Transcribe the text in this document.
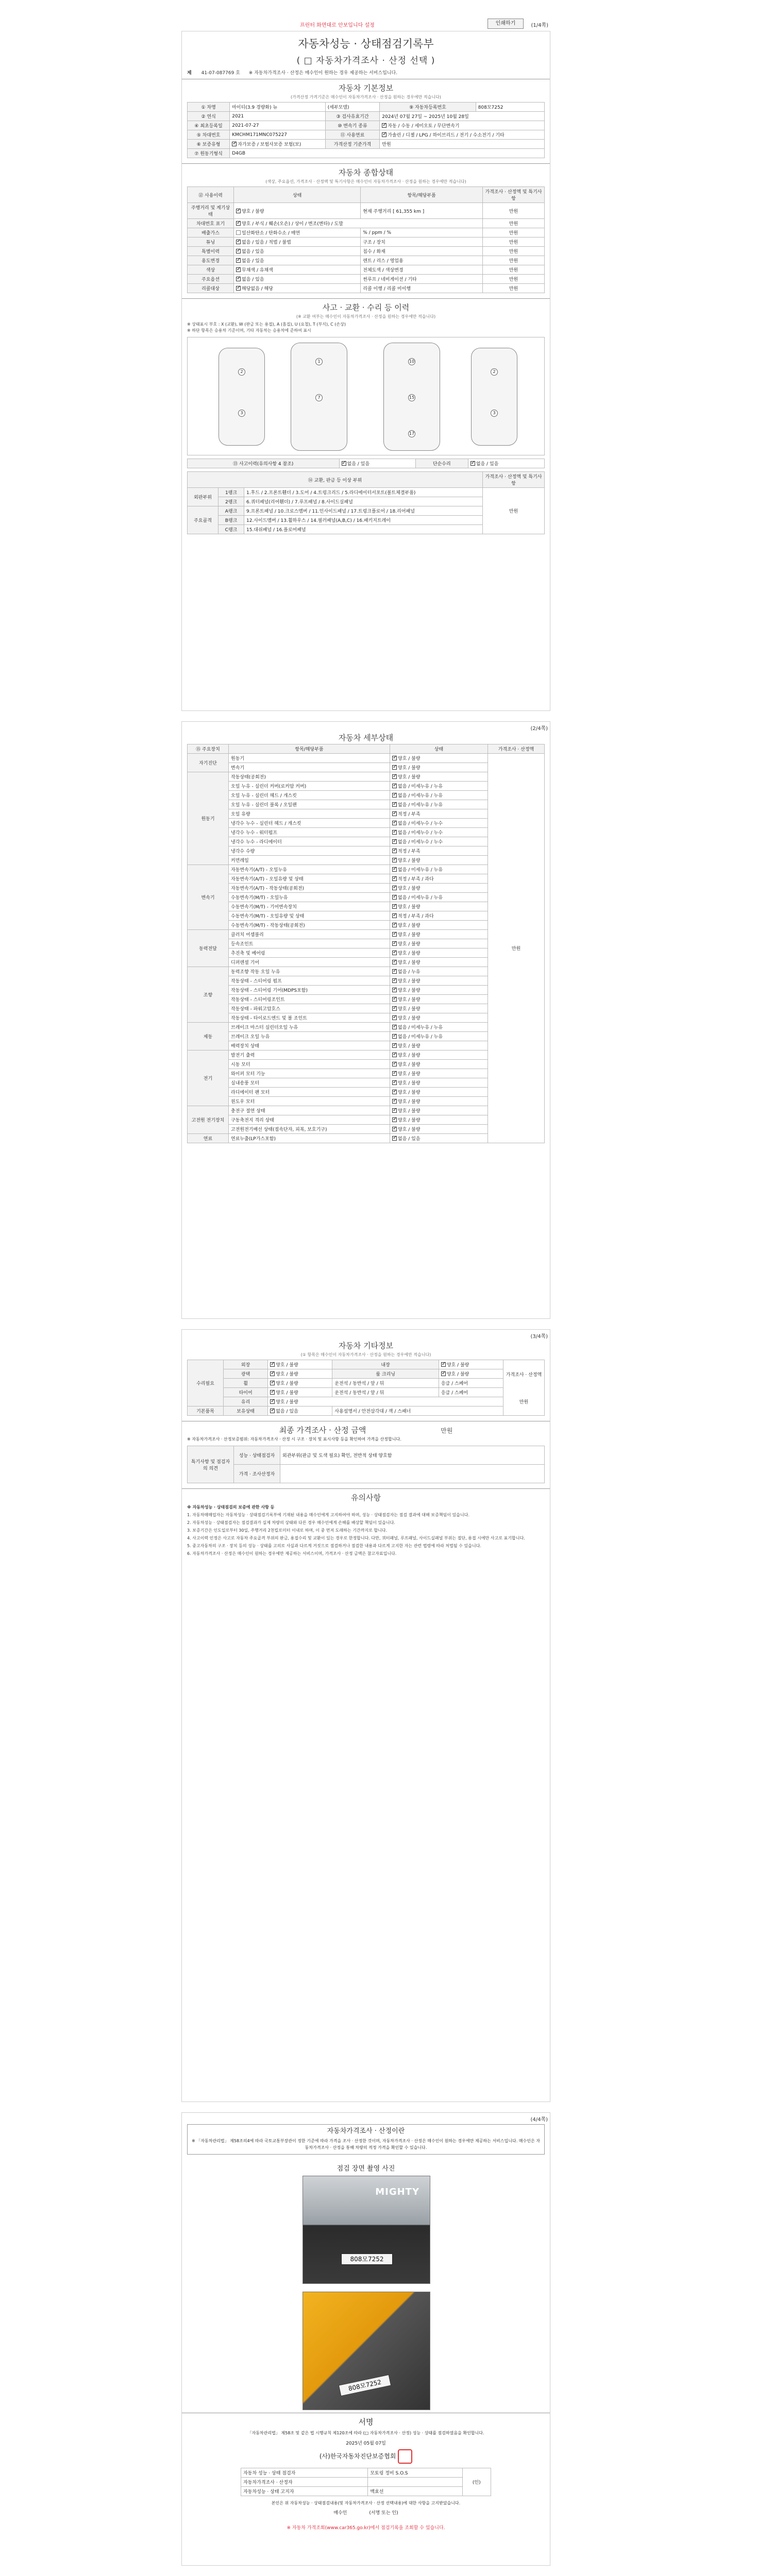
프린터 화면대로 안보입니다 설정	인쇄하기	(1/4쪽)
자동차성능 · 상태점검기록부
( □ 자동차가격조사 · 산정 선택 )
제 41-07-087769 호 ※ 자동차가격조사 · 산정은 매수인이 원하는 경우 제공하는 서비스입니다.
자동차 기본정보
(가격산정 가격기준은 매수인이 자동차가격조사 · 산정을 원하는 경우에만 적습니다)
① 차명	마이티(3.9 경량화) 뉴	(세부모델)	⑨ 자동차등록번호	808모7252
② 연식	2021	③ 검사유효기간	2024년 07월 27일 ~ 2025년 10월 28일	
④ 최초등록일	2021-07-27	⑩ 변속기 종류	✓자동 / 수동 / 세미오토 / 무단변속기
⑤ 차대번호	KMCHM171MNC075227	⑪ 사용연료	✓가솔린 / 디젤 / LPG / 하이브리드 / 전기 / 수소전기 / 기타
⑥ 보증유형	✓자가보증 / 보험사보증 보험(보)	가격산정 기준가격	만원	
⑦ 원동기형식	D4GB			
자동차 종합상태
(색상, 주요옵션, 가격조사 · 산정액 및 특기사항은 매수인이 자동차가격조사 · 산정을 원하는 경우에만 적습니다)
⑫ 사용이력	상태	항목/해당부품	가격조사 · 산정액 및 특기사항
주행거리 및 계기상태	✓양호 / 불량	현재 주행거리 [ 61,355 km ]	만원
차대번호 표기	✓양호 / 부식 / 훼손(오손) / 상이 / 변조(변타) / 도말		만원
배출가스	일산화탄소 / 탄화수소 / 매연	% / ppm / %	만원
튜닝	✓없음 / 있음 / 적법 / 불법	구조 / 장치	만원
특별이력	✓없음 / 있음	침수 / 화재	만원
용도변경	✓없음 / 있음	렌트 / 리스 / 영업용	만원
색상	✓무채색 / 유채색	전체도색 / 색상변경	만원
주요옵션	✓없음 / 있음	썬루프 / 네비게이션 / 기타	만원
리콜대상	✓해당없음 / 해당	리콜 이행 / 리콜 미이행	만원
사고 · 교환 · 수리 등 이력
(※ 교환 여부는 매수인이 자동차가격조사 · 산정을 원하는 경우에만 적습니다)
※ 상태표시 부호 : X (교환), W (판금 또는 용접), A (흠집), U (요철), T (부식), C (손상)
※ 하단 항목은 승용차 기준이며, 기타 자동차는 승용차에 준하여 표시
2
3
1
7
10
15
17
2
3
⑬ 사고이력(유의사항 4 참조)	✓없음 / 있음	단순수리	✓없음 / 있음
⑭ 교환, 판금 등 이상 부위			가격조사 · 산정액 및 특기사항
외판부위	1랭크	1.후드 / 2.프론트휀더 / 3.도어 / 4.트렁크리드 / 5.라디에이터서포트(볼트체결부품)	만원
	2랭크	6.쿼터패널(리어휀더) / 7.루프패널 / 8.사이드실패널	
주요골격	A랭크	9.프론트패널 / 10.크로스멤버 / 11.인사이드패널 / 17.트렁크플로어 / 18.리어패널	
	B랭크	12.사이드멤버 / 13.휠하우스 / 14.필러패널(A,B,C) / 16.패키지트레이	
	C랭크	15.대쉬패널 / 16.플로어패널	
(2/4쪽)
자동차 세부상태
⑮ 주요장치	항목/해당부품	상태	가격조사 · 산정액
자기진단	원동기	✓양호 / 불량	만원
	변속기	✓양호 / 불량
원동기	작동상태(공회전)	✓양호 / 불량
	오일 누유 - 실린더 커버(로커암 커버)	✓없음 / 미세누유 / 누유
	오일 누유 - 실린더 헤드 / 개스킷	✓없음 / 미세누유 / 누유
	오일 누유 - 실린더 블록 / 오일팬	✓없음 / 미세누유 / 누유
	오일 유량	✓적정 / 부족
	냉각수 누수 - 실린더 헤드 / 개스킷	✓없음 / 미세누수 / 누수
	냉각수 누수 - 워터펌프	✓없음 / 미세누수 / 누수
	냉각수 누수 - 라디에이터	✓없음 / 미세누수 / 누수
	냉각수 수량	✓적정 / 부족
	커먼레일	✓양호 / 불량
변속기	자동변속기(A/T) - 오일누유	✓없음 / 미세누유 / 누유
	자동변속기(A/T) - 오일유량 및 상태	✓적정 / 부족 / 과다
	자동변속기(A/T) - 작동상태(공회전)	✓양호 / 불량
	수동변속기(M/T) - 오일누유	✓없음 / 미세누유 / 누유
	수동변속기(M/T) - 기어변속장치	✓양호 / 불량
	수동변속기(M/T) - 오일유량 및 상태	✓적정 / 부족 / 과다
	수동변속기(M/T) - 작동상태(공회전)	✓양호 / 불량
동력전달	클러치 어셈블리	✓양호 / 불량
	등속조인트	✓양호 / 불량
	추진축 및 베어링	✓양호 / 불량
	디퍼렌셜 기어	✓양호 / 불량
조향	동력조향 작동 오일 누유	✓없음 / 누유
	작동상태 - 스티어링 펌프	✓양호 / 불량
	작동상태 - 스티어링 기어(MDPS포함)	✓양호 / 불량
	작동상태 - 스티어링조인트	✓양호 / 불량
	작동상태 - 파워고압호스	✓양호 / 불량
	작동상태 - 타이로드엔드 및 볼 조인트	✓양호 / 불량
제동	브레이크 마스터 실린더오일 누유	✓없음 / 미세누유 / 누유
	브레이크 오일 누유	✓없음 / 미세누유 / 누유
	배력장치 상태	✓양호 / 불량
전기	발전기 출력	✓양호 / 불량
	시동 모터	✓양호 / 불량
	와이퍼 모터 기능	✓양호 / 불량
	실내송풍 모터	✓양호 / 불량
	라디에이터 팬 모터	✓양호 / 불량
	윈도우 모터	✓양호 / 불량
고전원 전기장치	충전구 절연 상태	✓양호 / 불량
	구동축전지 격리 상태	✓양호 / 불량
	고전원전기배선 상태(접속단자, 피복, 보호기구)	✓양호 / 불량
연료	연료누출(LP가스포함)	✓없음 / 있음
(3/4쪽)
자동차 기타정보
(① 항목은 매수인이 자동차가격조사 · 산정을 원하는 경우에만 적습니다)
수리필요	외장	✓양호 / 불량	내장	✓양호 / 불량	가격조사 · 산정액
만원

	광택	✓양호 / 불량	룸 크리닝	✓양호 / 불량
	휠	✓양호 / 불량	운전석 / 동반석 / 앞 / 뒤	응급 / 스페어	
	타이어	✓양호 / 불량	운전석 / 동반석 / 앞 / 뒤	응급 / 스페어	
	유리	✓양호 / 불량
기본품목	보유상태	✓없음 / 있음	사용설명서 / 안전삼각대 / 잭 / 스패너		
최종 가격조사 · 산정 금액	만원
※ 자동차가격조사 · 산정보증범위: 자동차가격조사 · 산정 시 구조 · 장치 및 표시사항 등을 확인하여 가격을 산정합니다.
특기사항 및 점검자의 의견	성능 · 상태점검자	외관부위(판금 및 도색 필요) 확인, 전반적 상태 양호함
	가격 · 조사산정자	
유의사항

※ 자동차성능 · 상태점검의 보증에 관한 사항 등

1. 자동차매매업자는 자동차성능 · 상태점검기록부에 기재된 내용을 매수인에게 고지하여야 하며, 성능 · 상태점검자는 점검 결과에 대해 보증책임이 있습니다.

2. 자동차성능 · 상태점검자는 점검결과가 실제 차량의 상태와 다른 경우 매수인에게 손해를 배상할 책임이 있습니다.

3. 보증기간은 인도일로부터 30일, 주행거리 2천킬로미터 이내로 하며, 이 중 먼저 도래하는 기간까지로 합니다.

4. 사고이력 인정은 사고로 자동차 주요골격 부위의 판금, 용접수리 및 교환이 있는 경우로 한정합니다. 다만, 쿼터패널, 루프패널, 사이드실패널 부위는 절단, 용접 시에만 사고로 표기합니다.

5. 중고자동차의 구조 · 장치 등의 성능 · 상태를 고의로 사실과 다르게 거짓으로 점검하거나 점검한 내용과 다르게 고지한 자는 관련 법령에 따라 처벌될 수 있습니다.

6. 자동차가격조사 · 산정은 매수인이 원하는 경우에만 제공하는 서비스이며, 가격조사 · 산정 금액은 참고자료입니다.

(4/4쪽)
자동차가격조사 · 산정이란
※ 「자동차관리법」 제58조의4에 따라 국토교통부장관이 정한 기준에 따라 가격을 조사 · 산정한 것이며, 자동차가격조사 · 산정은 매수인이 원하는 경우에만 제공하는 서비스입니다. 매수인은 자동차가격조사 · 산정을 통해 차량의 적정 가격을 확인할 수 있습니다.
점검 장면 촬영 사진
MIGHTY
808모7252
808모7252
서명
「자동차관리법」 제58조 및 같은 법 시행규칙 제120조에 따라 (□ 자동차가격조사 · 산정) 성능 · 상태를 점검하였음을 확인합니다.
2025년 05월 07일
(사)한국자동차진단보증협회
자동차 성능 · 상태 점검자	모토링 정비 S.O.S	(인)
자동차가격조사 · 산정자		
자동차성능 · 상태 고지자	백효선	
본인은 위 자동차성능 · 상태점검내용(및 자동차가격조사 · 산정 선택내용)에 대한 사항을 고지받았습니다.
매수인	(서명 또는 인)
※ 자동차 가격조회(www.car365.go.kr)에서 점검기록을 조회할 수 있습니다.
